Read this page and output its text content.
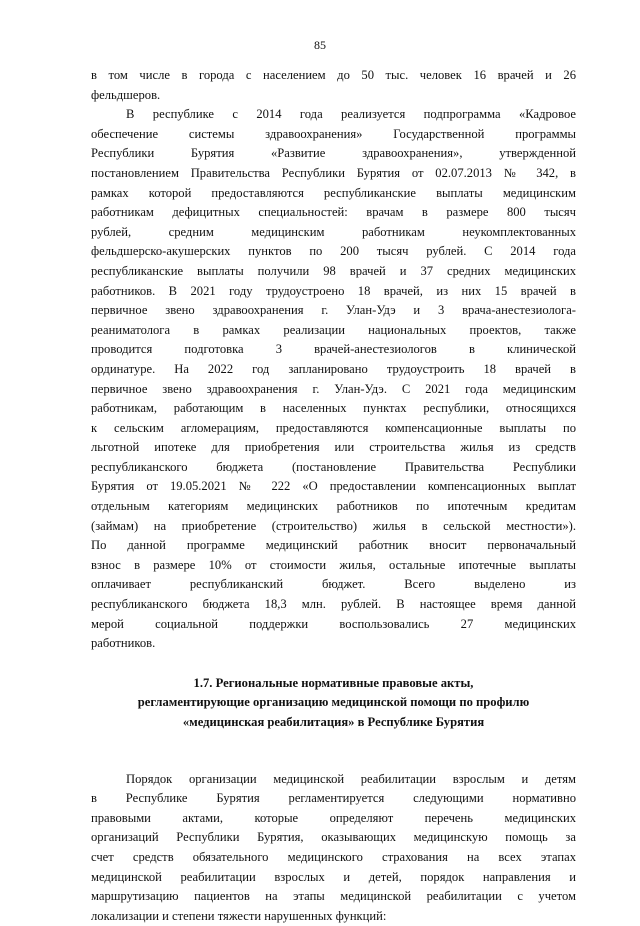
85

в том числе в города с населением до 50 тыс. человек 16 врачей и 26
фельдшеров.

В республике с 2014 года реализуется подпрограмма «Кадровое
обеспечение системы здравоохранения» Государственной программы
Республики Бурятия «Развитие здравоохранения», утвержденной
постановлением Правительства Республики Бурятия от 02.07.2013 № 342, в
рамках которой предоставляются республиканские выплаты медицинским
работникам дефицитных специальностей: врачам в размере 800 тысяч
рублей, средним медицинским работникам неукомплектованных
фельдшерско-акушерских пунктов по 200 тысяч рублей. С 2014 года
республиканские выплаты получили 98 врачей и 37 средних медицинских
работников. В 2021 году трудоустроено 18 врачей, из них 15 врачей в
первичное звено здравоохранения г. Улан-Удэ и 3 врача-анестезиолога-
реаниматолога в рамках реализации национальных проектов, также
проводится подготовка 3 врачей-анестезиологов в клинической
ординатуре. На 2022 год запланировано трудоустроить 18 врачей в
первичное звено здравоохранения г. Улан-Удэ. С 2021 года медицинским
работникам, работающим в населенных пунктах республики, относящихся
к сельским агломерациям, предоставляются компенсационные выплаты по
льготной ипотеке для приобретения или строительства жилья из средств
республиканского бюджета (постановление Правительства Республики
Бурятия от 19.05.2021 № 222 «О предоставлении компенсационных выплат
отдельным категориям медицинских работников по ипотечным кредитам
(займам) на приобретение (строительство) жилья в сельской местности»).
По данной программе медицинский работник вносит первоначальный
взнос в размере 10% от стоимости жилья, остальные ипотечные выплаты
оплачивает республиканский бюджет. Всего выделено из
республиканского бюджета 18,3 млн. рублей. В настоящее время данной
мерой социальной поддержки воспользовались 27 медицинских
работников.

1.7. Региональные нормативные правовые акты,
регламентирующие организацию медицинской помощи по профилю
«медицинская реабилитация» в Республике Бурятия

Порядок организации медицинской реабилитации взрослым и детям
в Республике Бурятия регламентируется следующими нормативно
правовыми актами, которые определяют перечень медицинских
организаций Республики Бурятия, оказывающих медицинскую помощь за
счет средств обязательного медицинского страхования на всех этапах
медицинской реабилитации взрослых и детей, порядок направления и
маршрутизацию пациентов на этапы медицинской реабилитации с учетом
локализации и степени тяжести нарушенных функций:
